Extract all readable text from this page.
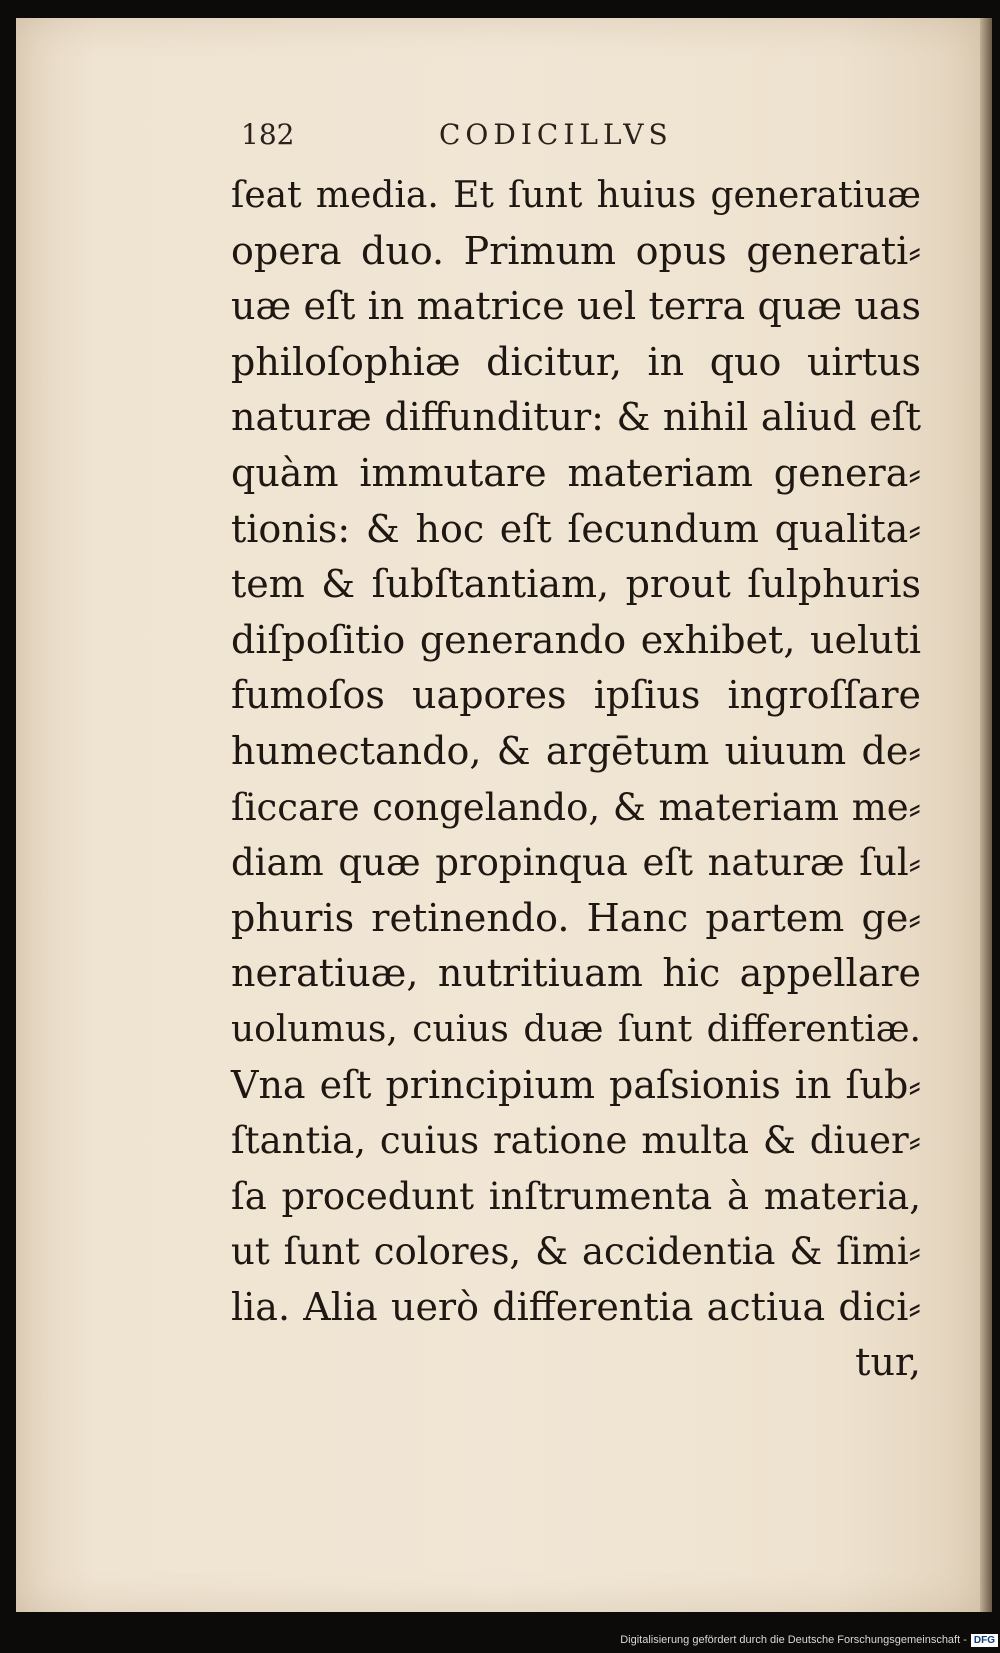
182	CODICILLVS
ſeat media. Et ſunt huius generatiuæ
opera duo. Primum opus generati⸗
uæ eſt in matrice uel terra quæ uas
philoſophiæ dicitur, in quo uirtus
naturæ diffunditur: & nihil aliud eſt
quàm immutare materiam genera⸗
tionis: & hoc eſt ſecundum qualita⸗
tem & ſubſtantiam, prout ſulphuris
diſpoſitio generando exhibet, ueluti
fumoſos uapores ipſius ingroſſare
humectando, & argētum uiuum de⸗
ſiccare congelando, & materiam me⸗
diam quæ propinqua eſt naturæ ſul⸗
phuris retinendo. Hanc partem ge⸗
neratiuæ, nutritiuam hic appellare
uolumus, cuius duæ ſunt differentiæ.
Vna eſt principium paſsionis in ſub⸗
ſtantia, cuius ratione multa & diuer⸗
ſa procedunt inſtrumenta à materia,
ut ſunt colores, & accidentia & ſimi⸗
lia. Alia uerò differentia actiua dici⸗
tur,
Digitalisierung gefördert durch die Deutsche Forschungsgemeinschaft - DFG
